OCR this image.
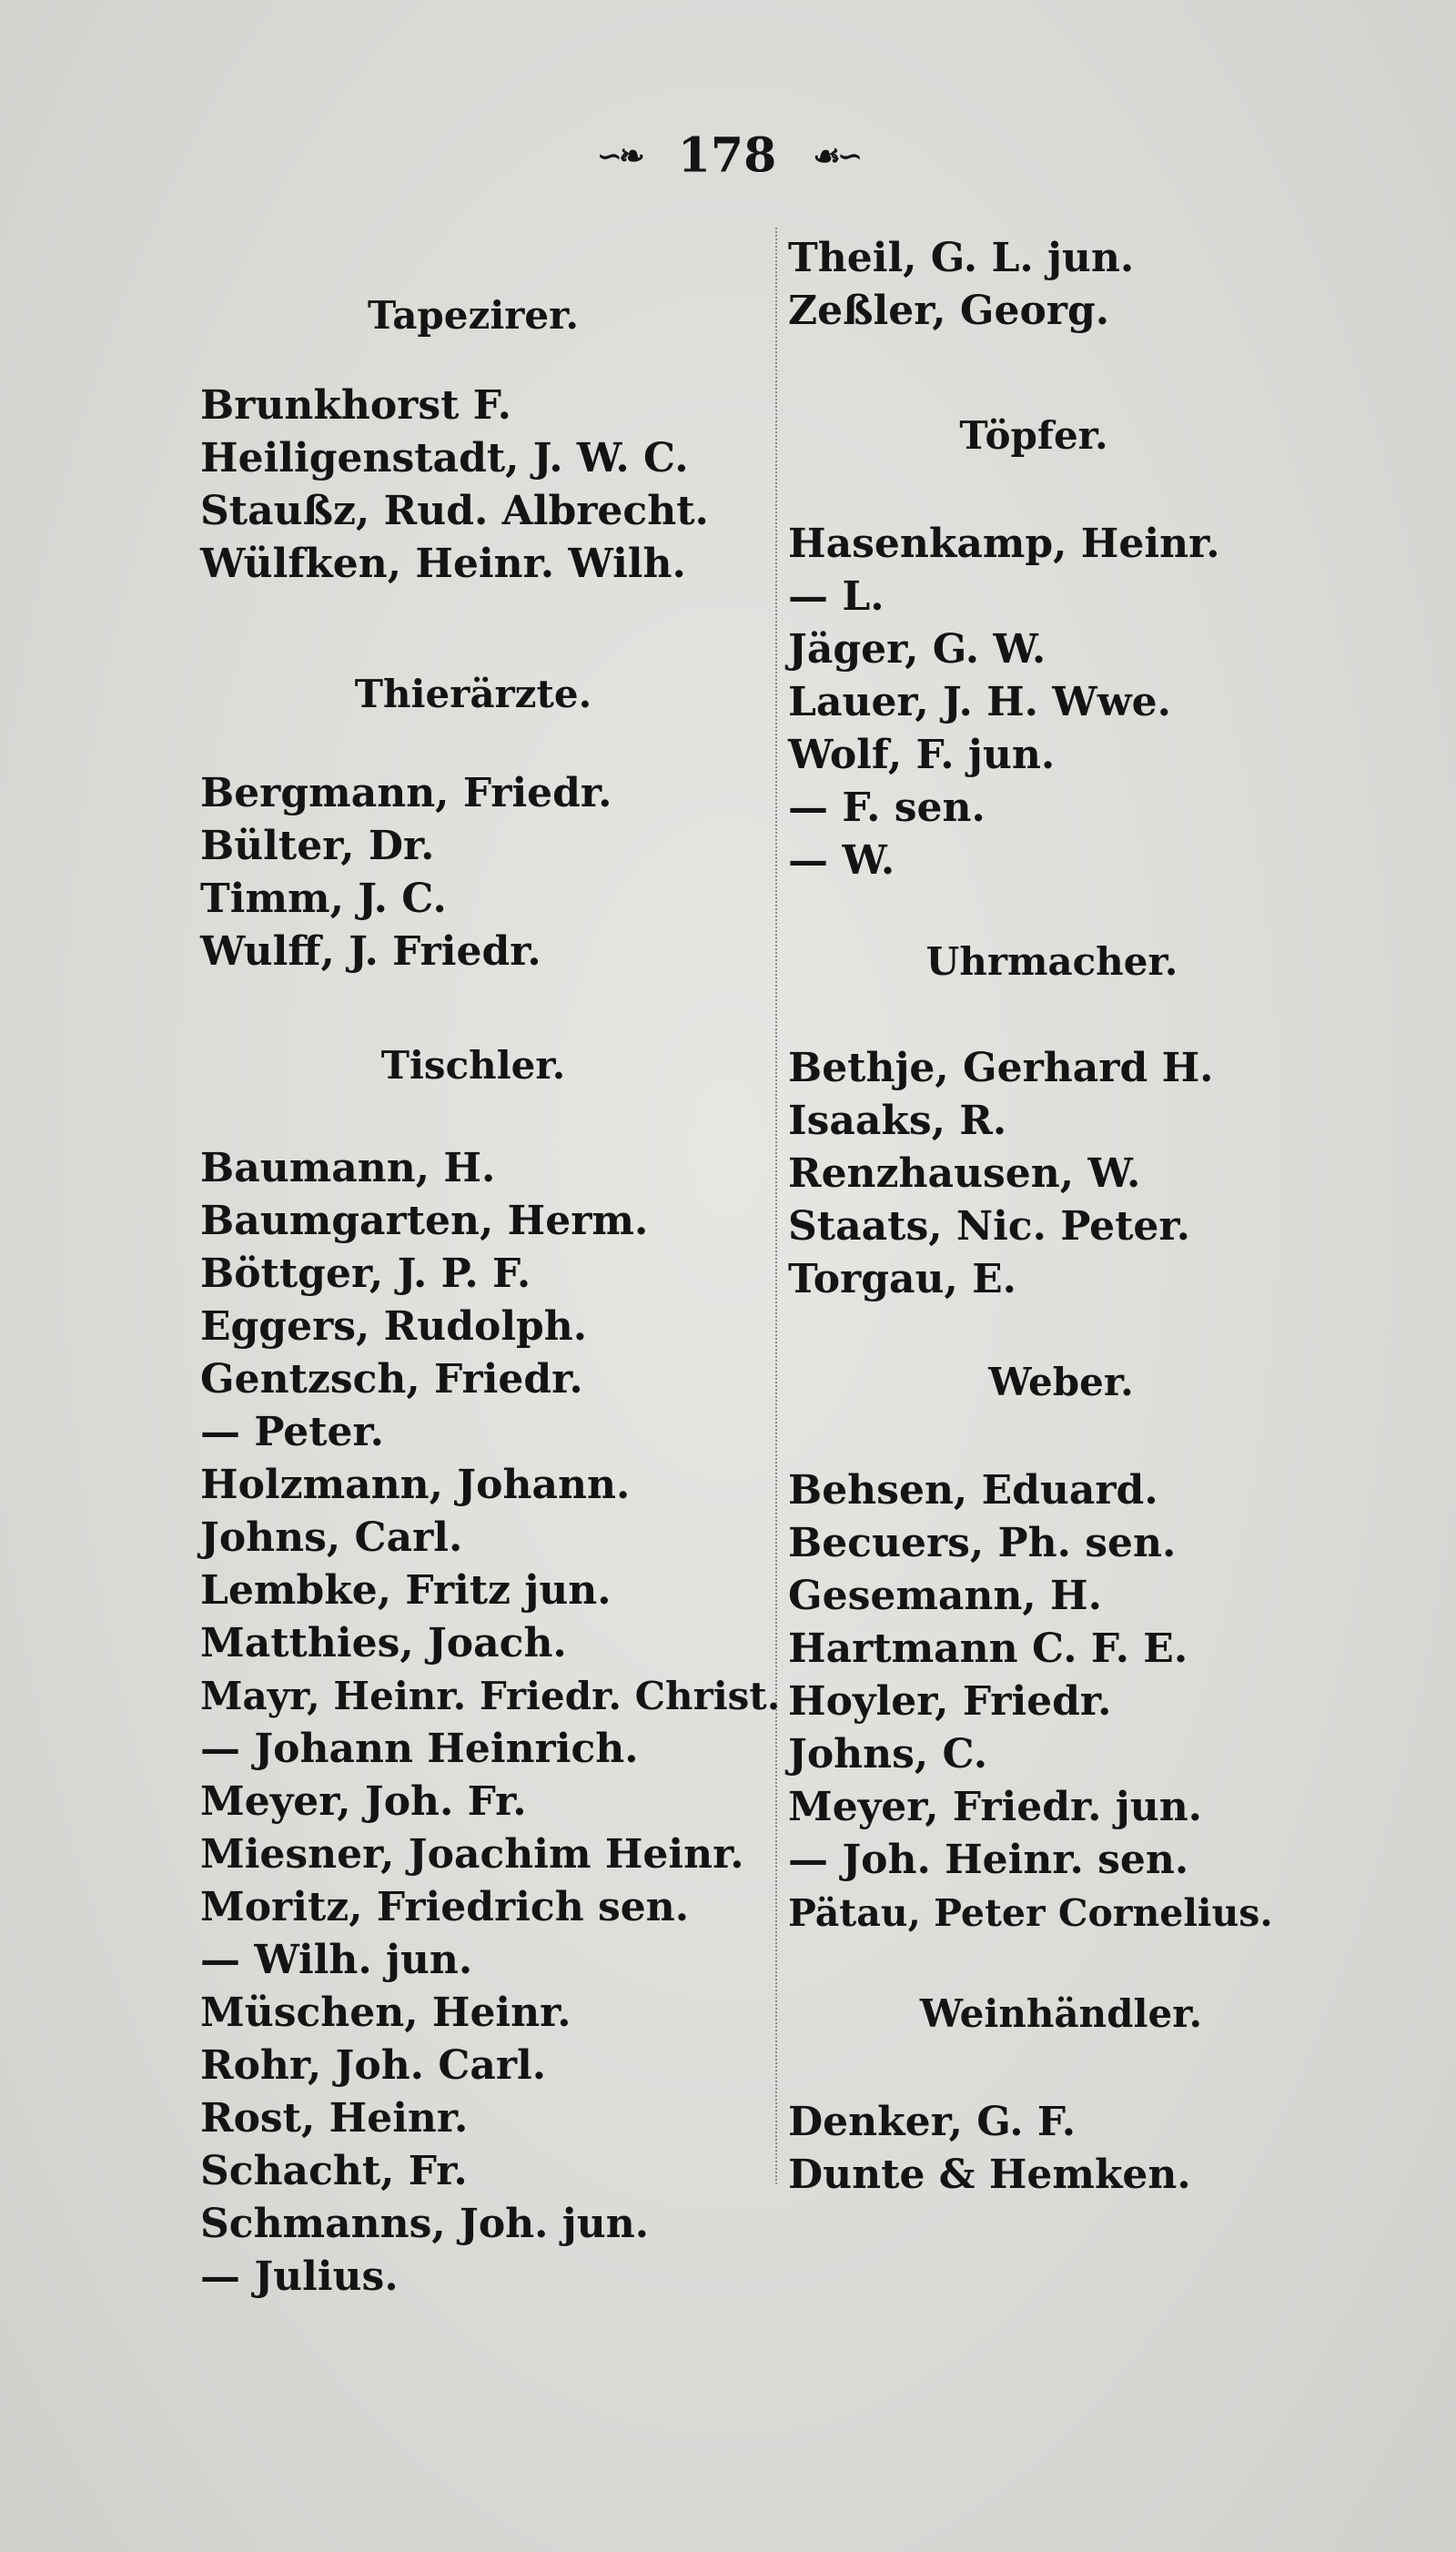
∽❧ 178 ☙∽
Tapezirer.
Brunkhorst F.
Heiligenstadt, J. W. C.
Staußz, Rud. Albrecht.
Wülfken, Heinr. Wilh.
Thierärzte.
Bergmann, Friedr.
Bülter, Dr.
Timm, J. C.
Wulff, J. Friedr.
Tischler.
Baumann, H.
Baumgarten, Herm.
Böttger, J. P. F.
Eggers, Rudolph.
Gentzsch, Friedr.
— Peter.
Holzmann, Johann.
Johns, Carl.
Lembke, Fritz jun.
Matthies, Joach.
Mayr, Heinr. Friedr. Christ.
— Johann Heinrich.
Meyer, Joh. Fr.
Miesner, Joachim Heinr.
Moritz, Friedrich sen.
— Wilh. jun.
Müschen, Heinr.
Rohr, Joh. Carl.
Rost, Heinr.
Schacht, Fr.
Schmanns, Joh. jun.
— Julius.
Theil, G. L. jun.
Zeßler, Georg.
Töpfer.
Hasenkamp, Heinr.
— L.
Jäger, G. W.
Lauer, J. H. Wwe.
Wolf, F. jun.
— F. sen.
— W.
Uhrmacher.
Bethje, Gerhard H.
Isaaks, R.
Renzhausen, W.
Staats, Nic. Peter.
Torgau, E.
Weber.
Behsen, Eduard.
Becuers, Ph. sen.
Gesemann, H.
Hartmann C. F. E.
Hoyler, Friedr.
Johns, C.
Meyer, Friedr. jun.
— Joh. Heinr. sen.
Pätau, Peter Cornelius.
Weinhändler.
Denker, G. F.
Dunte & Hemken.
